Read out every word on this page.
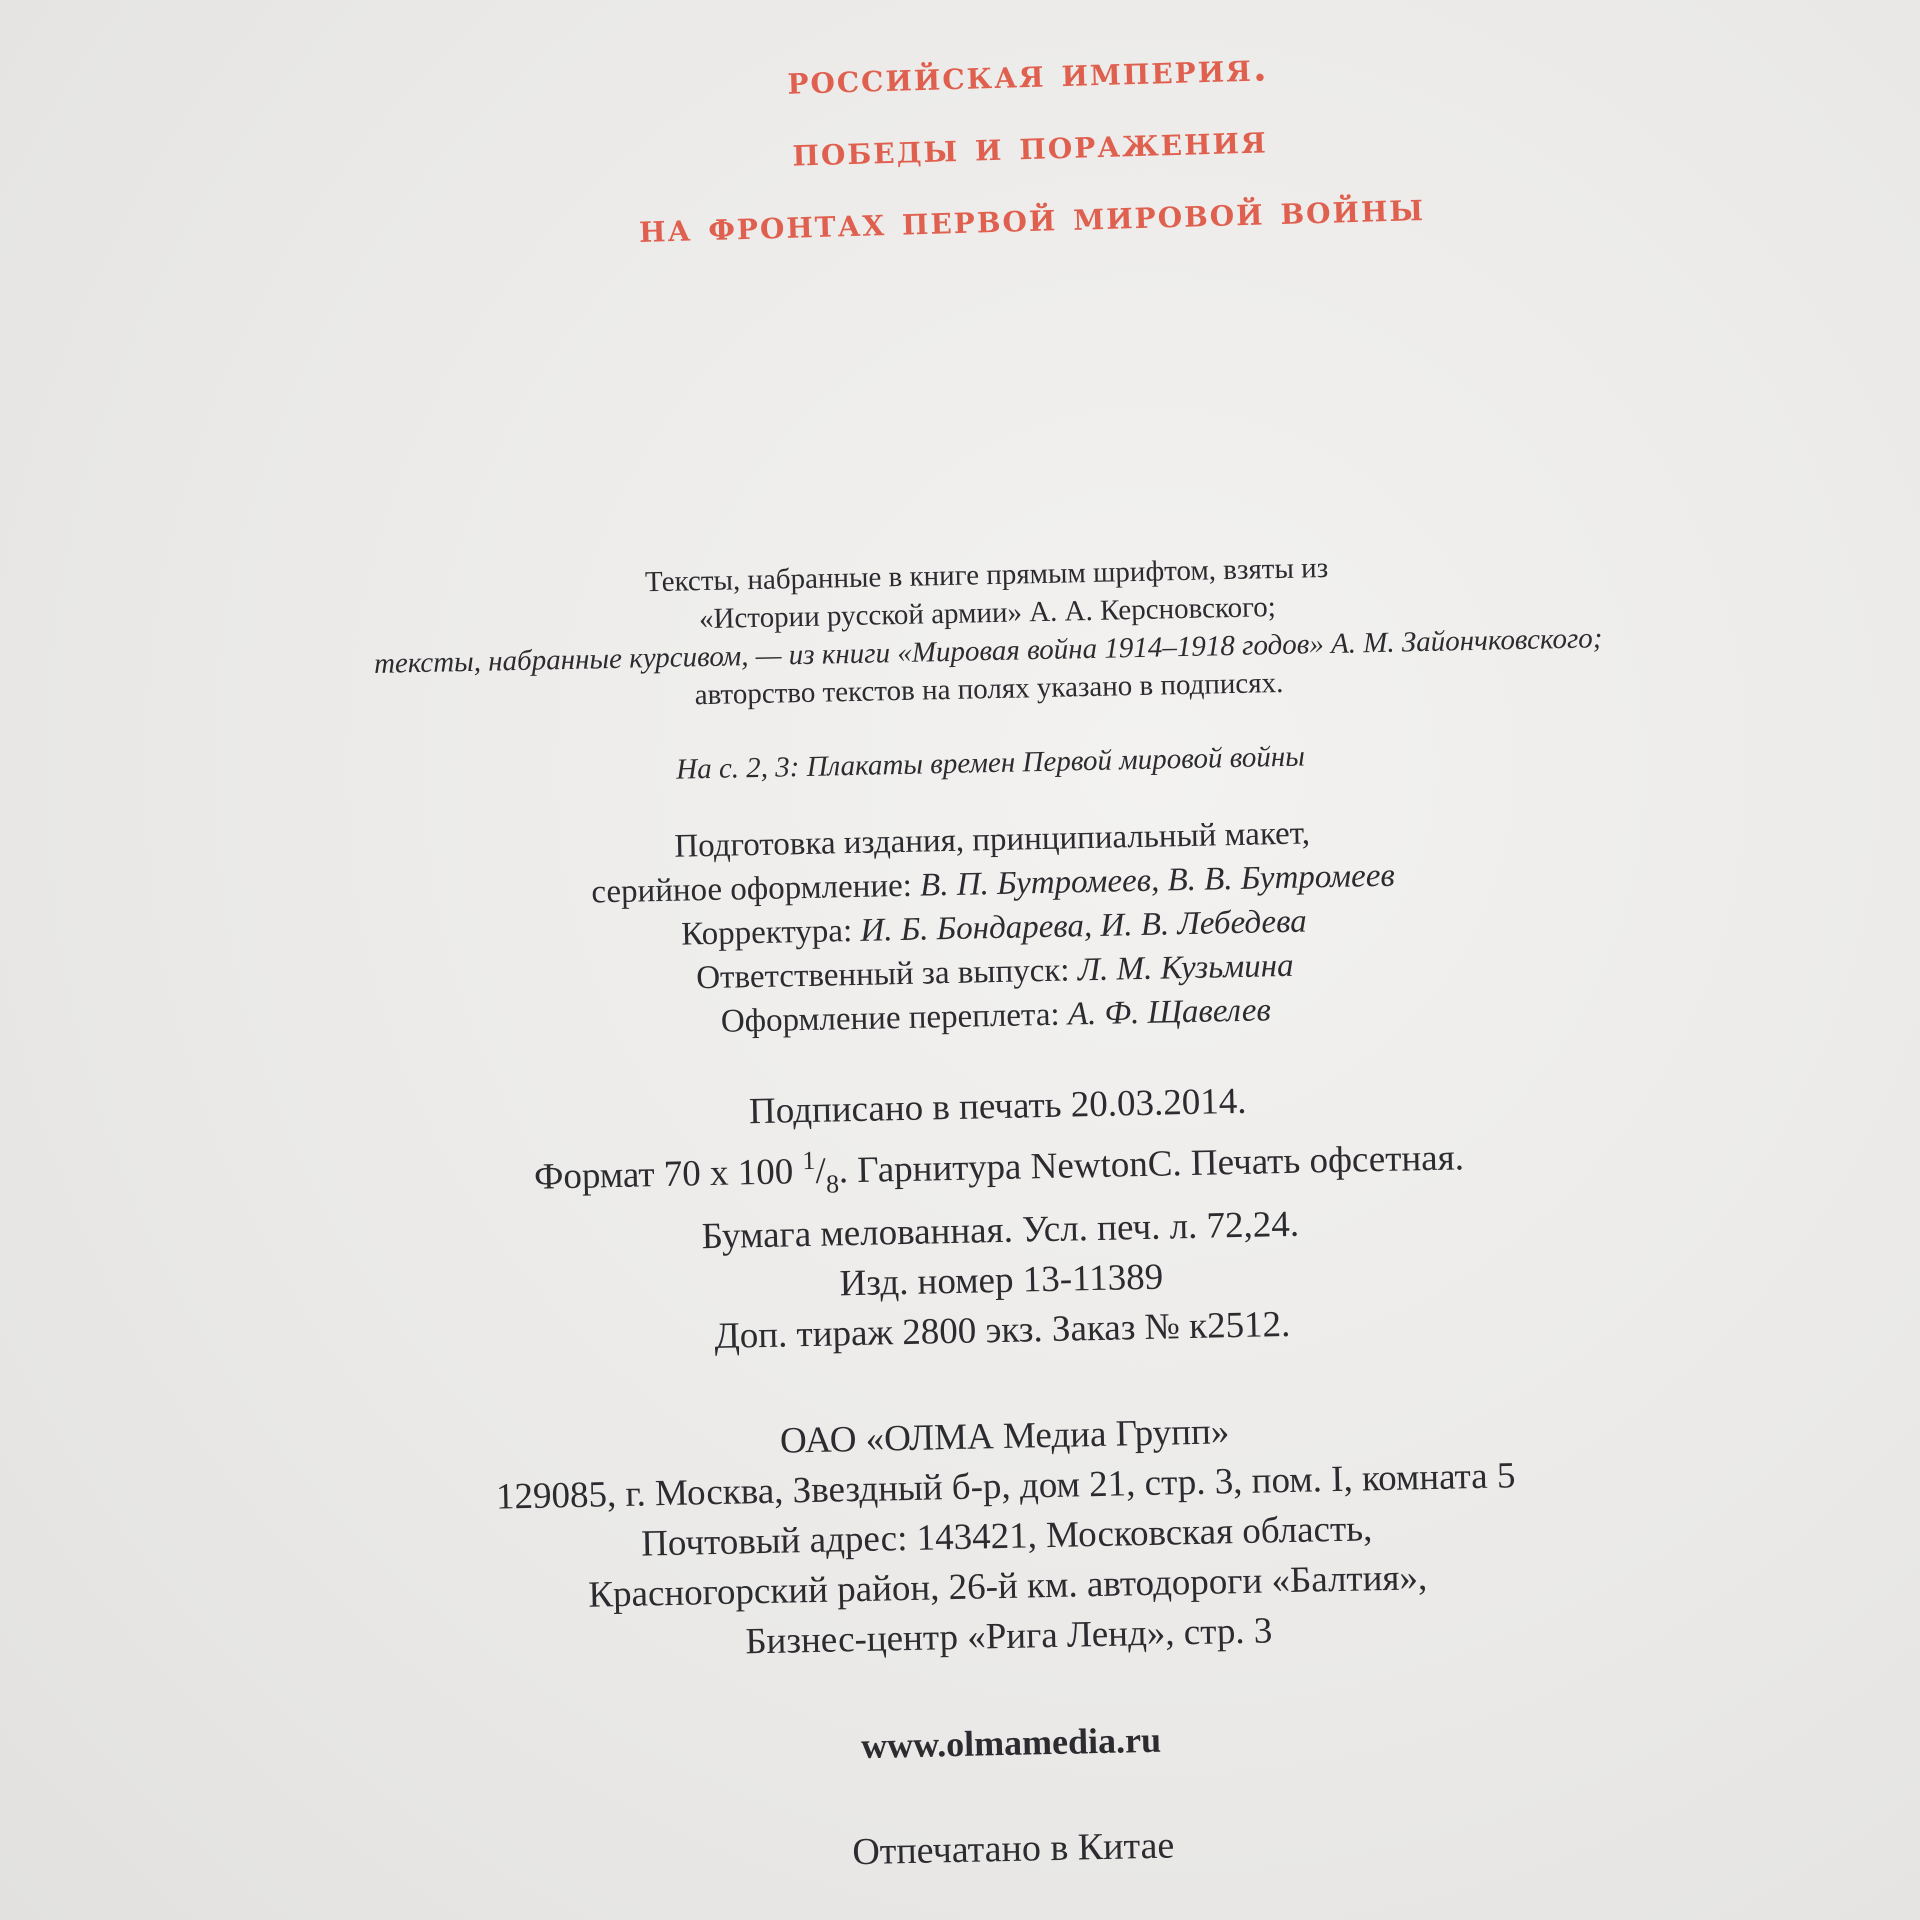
российская империя.
победы и поражения
на фронтах первой мировой войны
Тексты, набранные в книге прямым шрифтом, взяты из
«Истории русской армии» А. А. Керсновского;
тексты, набранные курсивом, — из книги «Мировая война 1914–1918 годов» А. М. Зайончковского;
авторство текстов на полях указано в подписях.
На с. 2, 3: Плакаты времен Первой мировой войны
Подготовка издания, принципиальный макет,
серийное оформление: В. П. Бутромеев, В. В. Бутромеев
Корректура: И. Б. Бондарева, И. В. Лебедева
Ответственный за выпуск: Л. М. Кузьмина
Оформление переплета: А. Ф. Щавелев
Подписано в печать 20.03.2014.
Формат 70 x 100 $^1/_8$. Гарнитура NewtonC. Печать офсетная.
Бумага мелованная. Усл. печ. л. 72,24.
Изд. номер 13-11389
Доп. тираж 2800 экз. Заказ № к2512.
ОАО «ОЛМА Медиа Групп»
129085, г. Москва, Звездный б-р, дом 21, стр. 3, пом. I, комната 5
Почтовый адрес: 143421, Московская область,
Красногорский район, 26-й км. автодороги «Балтия»,
Бизнес-центр «Рига Ленд», стр. 3
www.olmamedia.ru
Отпечатано в Китае
